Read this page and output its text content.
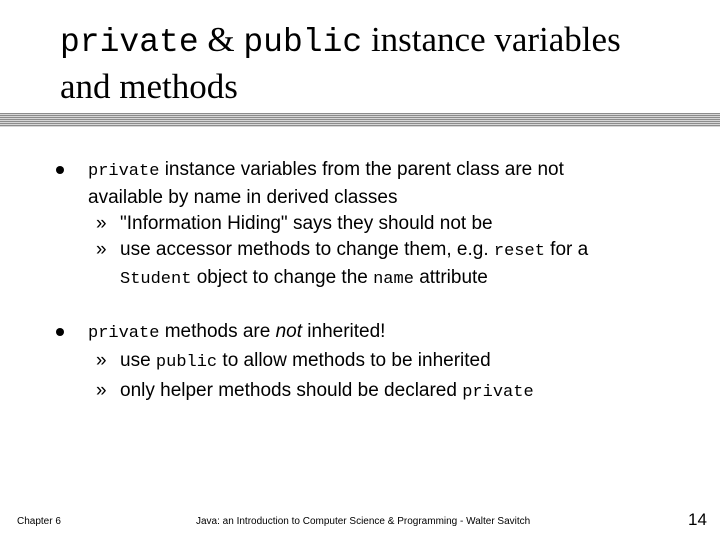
private & public instance variables
and methods
private instance variables from the parent class are not
available by name in derived classes
» "Information Hiding" says they should not be
» use accessor methods to change them, e.g. reset for a
Student object to change the name attribute
private methods are not inherited!
» use public to allow methods to be inherited
» only helper methods should be declared private
Chapter 6	Java: an Introduction to Computer Science & Programming - Walter Savitch	14
